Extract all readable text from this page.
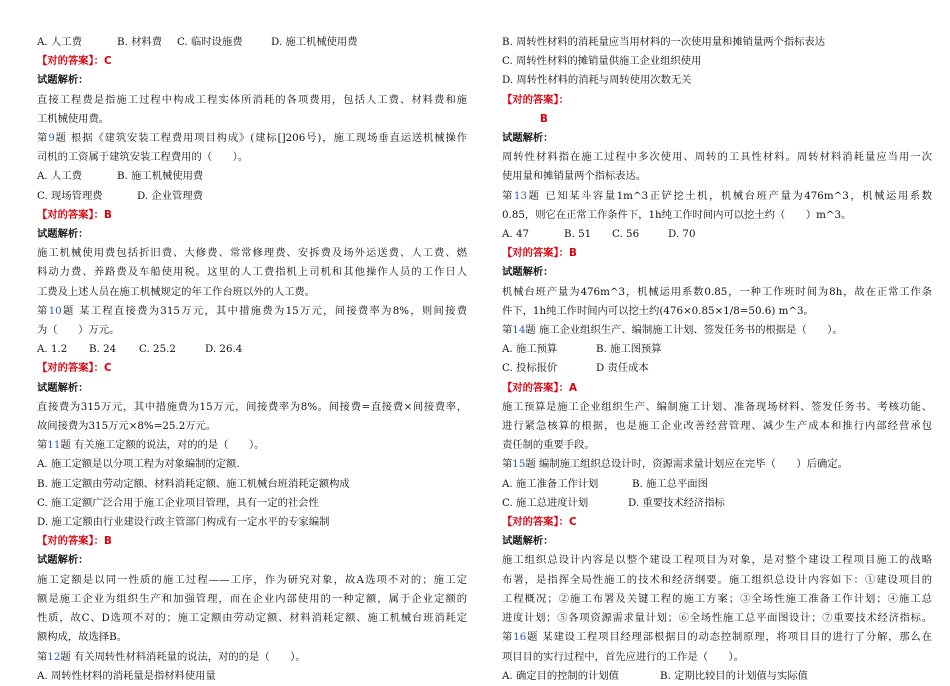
A. 人工费	B. 材料费 C. 临时设施费	D. 施工机械使用费
【对的答案】：C
试题解析：
直接工程费是指施工过程中构成工程实体所消耗的各项费用，包括人工费、材料费和施
工机械使用费。
第9题 根据《建筑安装工程费用项目构成》(建标[]206号)，施工现场垂直运送机械操作
司机的工资属于建筑安装工程费用的（　　）。
A. 人工费	B. 施工机械使用费
C. 现场管理费	D. 企业管理费
【对的答案】：B
试题解析：
施工机械使用费包括折旧费、大修费、常常修理费、安拆费及场外运送费、人工费、燃
料动力费、养路费及车船使用税。这里的人工费指机上司机和其他操作人员的工作日人
工费及上述人员在施工机械规定的年工作台班以外的人工费。
第10题 某工程直接费为315万元，其中措施费为15万元，间接费率为8%，则间接费
为（　　）万元。
A. 1.2 B. 24 C. 25.2	D. 26.4
【对的答案】：C
试题解析：
直接费为315万元，其中措施费为15万元，间接费率为8%。间接费=直接费×间接费率，
故间接费为315万元×8%=25.2万元。
第11题 有关施工定额的说法，对的的是（　　）。
A. 施工定额是以分项工程为对象编制的定额.
B. 施工定额由劳动定额、材料消耗定额、施工机械台班消耗定额构成
C. 施工定额广泛合用于施工企业项目管理，具有一定的社会性
D. 施工定额由行业建设行政主管部门构成有一定水平的专家编制
【对的答案】：B
试题解析：
施工定额是以同一性质的施工过程——工序，作为研究对象，故A选项不对的；施工定
额是施工企业为组织生产和加强管理，而在企业内部使用的一种定额，属于企业定额的
性质，故C、D选项不对的；施工定额由劳动定额、材料消耗定额、施工机械台班消耗定
额构成，故选择B。
第12题 有关周转性材料消耗量的说法，对的的是（　　）。
A. 周转性材料的消耗量是指材料使用量
B. 周转性材料的消耗量应当用材料的一次使用量和摊销量两个指标表达
C. 周转性材料的摊销量供施工企业组织使用
D. 周转性材料的消耗与周转使用次数无关
【对的答案】：
B
试题解析：
周转性材料指在施工过程中多次使用、周转的工具性材料。周转材料消耗量应当用一次
使用量和摊销量两个指标表达。
第13题 已知某斗容量1m^3正铲挖土机，机械台班产量为476m^3，机械运用系数
0.85，则它在正常工作条件下，1h纯工作时间内可以挖土约（　　）m^3。
A. 47	B. 51 C. 56	D. 70
【对的答案】：B
试题解析：
机械台班产量为476m^3，机械运用系数0.85，一种工作班时间为8h，故在正常工作条
件下，1h纯工作时间内可以挖土约(476×0.85×1/8=50.6) m^3。
第14题 施工企业组织生产、编制施工计划、签发任务书的根据是（　　）。
A. 施工预算	B. 施工图预算
C. 投标报价	D 责任成本
【对的答案】：A
施工预算是施工企业组织生产、编制施工计划、准备现场材料、签发任务书、考核功能、
进行紧急核算的根据，也是施工企业改善经营管理、减少生产成本和推行内部经营承包
责任制的重要手段。
第15题 编制施工组织总设计时，资源需求量计划应在完毕（　　）后确定。
A. 施工准备工作计划	B. 施工总平面图
C. 施工总进度计划	D. 重要技术经济指标
【对的答案】：C
试题解析：
施工组织总设计内容是以整个建设工程项目为对象，是对整个建设工程项目施工的战略
布署，是指挥全局性施工的技术和经济纲要。施工组织总设计内容如下：①建设项目的
工程概况；②施工布署及关键工程的施工方案；③全场性施工准备工作计划；④施工总
进度计划；⑤各项资源需求量计划；⑥全场性施工总平面图设计；⑦重要技术经济指标。
第16题 某建设工程项目经理部根据目的动态控制原理，将项目目的进行了分解，那么在
项目目的实行过程中，首先应进行的工作是（　　）。
A. 确定目的控制的计划值	B. 定期比较目的计划值与实际值
